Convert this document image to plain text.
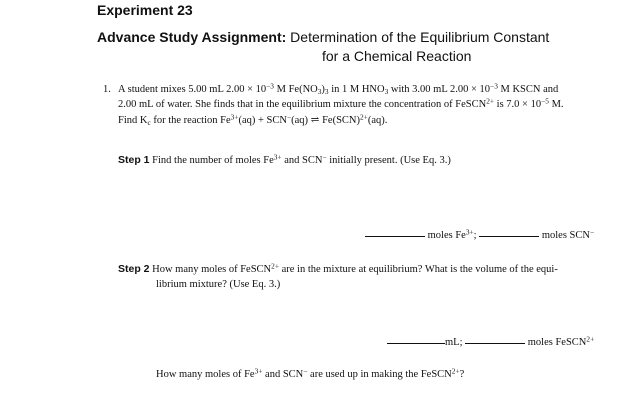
Experiment 23
Advance Study Assignment: Determination of the Equilibrium Constant
for a Chemical Reaction
1. A student mixes 5.00 mL $2.00 \times 10^{-3}$ M $Fe(NO_3)_3$ in 1 M $HNO_3$ with 3.00 mL $2.00 \times 10^{-3}$ M KSCN and
2.00 mL of water. She finds that in the equilibrium mixture the concentration of FeSCN$^{2+}$ is $7.0 \times 10^{-5}$ M.
Find $K_c$ for the reaction $Fe^{3+}(aq) + SCN^-(aq)$ ⇌ Fe(SCN)$^{2+}$(aq).
Step 1 Find the number of moles $Fe^{3+}$ and SCN− initially present. (Use Eq. 3.)
moles $Fe^{3+}$;	moles SCN−
Step 2 How many moles of FeSCN$^{2+}$ are in the mixture at equilibrium? What is the volume of the equi-
librium mixture? (Use Eq. 3.)
mL;	moles FeSCN$^{2+}$
How many moles of $Fe^{3+}$ and SCN− are used up in making the FeSCN$^{2+}$?
